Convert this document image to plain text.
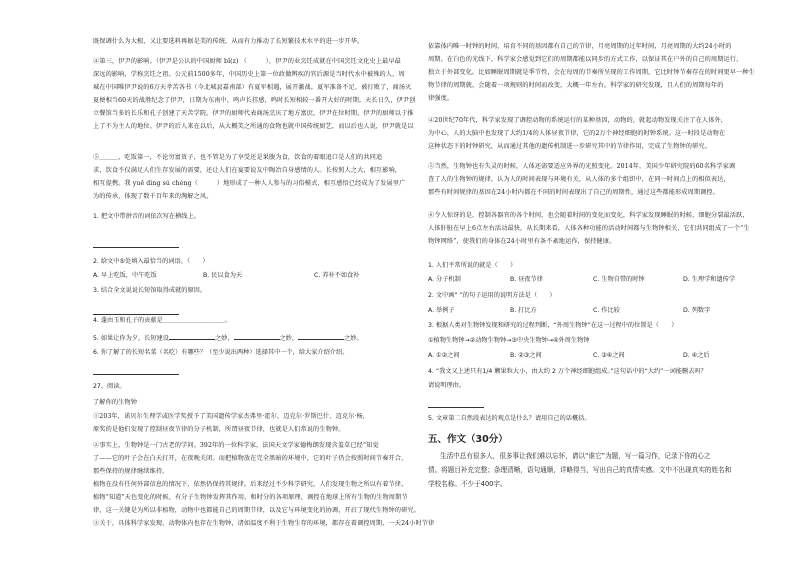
既保调什么为大根，又让要选料再据是美的传统，从而有力推动了长短繁技术水平的进一步开华。
④第三，伊尹的影响。（伊尹是公认的中国厨师 bǐ(z) （　　　），伊尹的业烹饪成就在中国烹饪文化史上最早最
深远的影响，学称烹饪之祖。公元前1500多年，中国历史上第一位政做辨疾的官后源是当时代水中被殊的人，周
城在中国唯伊尹说的6万天孝苦各书（今北城县嘉南部）有夏军相遇，展开激战。夏军准备不足，被打败了，商汤灭
夏便相当60天的战胜纪念了伊尹，日期为东南中，鸣声长挂感，鸣时长短相较一番开大好的时期。天长日久，伊尹创
立餐馆当多的长乐和孔子创建了天苦学院。伊尹的厨师代表商汤烹庆了地方富庶，伊尹在位时期，伊尹的厨师以于推
上了不为主人的地位。伊尹的后人来在以后，从大概美之所通的食物也就中国传统厨艺，而以后也人说，伊尹就是以
⑤＿＿＿，吃饭第一，不论穷富贵子，也不管是为了享受还是果腹为食，饮食的着眼追口是人们的共同追
求，饮食不仅满足人们生存发展的需要，还让人们在宴要说友中陶冶自身感情的人。长按照人之大，相互影响，
相互提携。我 yuē dìng sú chéng（　　　）地形成了一种人人参与的习俗模式，相互感悟已经成为了发展里广
为的传承，体现了数千百年来的淘解之风。
1. 把文中带拼音的词依次写在横线上。
2. 给文中⑤处填入最恰当的词语。（　　）
A. 早上吃饭，中午吃饭	B. 民以食为天	C. 养补不如食补
3. 结合全文说说长短馆取得成就的原因。
4. 蓬由玉和孔子的贡献是＿＿＿＿＿＿＿＿＿＿。
5. 如果让你为夕，长短建设	之妙，	之妙，	之妙。
6. 你了解了的长短名菜（名吃）有哪些？（至少说出两种）选择其中一个，给大家介绍介绍。
27、阅读。
了解你的生物钟
①203年，诺贝尔生理学或医学奖授予了美国遗传学家杰弗里·霍尔、迈克尔·罗斯巴什、迈克尔·杨，
原奖的是他们发现了控制昼夜节律的分子机制，所谓昼夜节律，也就是人们常说的生物钟。
②事实上，生物钟是一门古老的学问。392年的一位科学家，法国天文学家德梅朗发现含羞草已经“知觉
了——它的叶子会在白天打开，在夜晚关闭。而把植物放在完全黑暗的环境中，它的叶子仍会按照时间节奏开合，
那些保持的规律继续维持。
植物在没有任何外部信息的情况下，依然仍保持其规律。后来经过不少科学研究，人们发现生物之所以有着节律，
植物“知道”天色变化的时候，有分子生物钟发挥其作用，和时分的各项原理，调控在地球上所有生物的生物周期节
律，这一关键是为所以非植物，动物中也都能自己的周期节律，以及它与环境变化的协调，开启了现代生物钟的研究。
③关于，具体科学家发现，动物体内也存在生物钟，诸如温度不利于生物生存的环境，都存在着调控周期，一天24小时节律
依靠体内唯一时钟的时间，培育不同的基因都有自己的节律，月亮周期的过年时间，月亮周期的大约24小时的
周期。在白色的光线下，科学家会感觉到它们的周期都能以同步的方式工作，以保证其在户外的自己的周期运行，
独立于外部变化。比如睡眠周期就是季节性，会在每周的节奏所呈现的工作周期，它比时钟节奏存在的时间更早一种生
物节律的周期就，会随着一项规则的时间而改变，大概一年左右。科学家的研究发现，且人们的周期每年的
律强度。
④20世纪70年代，科学家发现了调控动物的系统运行的某种基因，动物的，就起动物发现关注了在人体外，
为中心，人的大脑中也发现了大约1/4的人体昼夜节律，它的2万个神经细胞的时钟系统。这一时段是动物在
这种状态下的时钟研究，从而通过其他的遗传机制进一步研究其中的节律作用，完成了生物钟的研究。
⑤当然，生物钟也有失灵的时候，人体还需要适应外界的光照变化。2014年，美国少年研究院的60名科学家调
查了人的生物钟的规律，认为人的时间表现与环境有关，从人体的多个组织中，在同一时间点上的相似表达，
那些有时间规律的基因在24小时内都在不同的时间表现出了自己的周期性，通过这些都能形成周期调控。
⑥令人惊讶的是，控制各器官的各个时间，也会随着时间的变化而变化，科学家发现睡眠的时候，细胞分裂最活跃，
人体肝脏在早上6点左右活动最快，从长期来看，人体各种功能的活动时间都与生物钟相关，它们共同组成了一个“生
物钟网络”，使我们的身体在24小时里有条不紊地运作，保持健康。
1. 人们平常所说的就是（　　）
A. 分子机制	B. 昼夜节律	C. 生物自带的时钟	D. 生理学和遗传学
2. 文中画“ ”的句子运用的说明方法是（　　）
A. 举例子	B. 打比方	C. 作比较	D. 列数字
3. 根据人类对生物钟发现和研究的过程判断，“外周生物钟”在这一过程中的位置是（　　）
①植物生物钟→②动物生物钟→③中央生物钟→④外周生物钟
A. ①②之间	B. ②③之间	C. ③④之间	D. ④之后
4. “我文又上述只有1/4 颗果粒大小，由大约 2 万个神经细胞组成。”这句话中的“大约”一词能删去吗？
请说明理由。
5. 文章第二自然段表达的观点是什么？请用自己的话概括。
五、作文（30分）
生活中总有很多人，很多事让我们难以忘怀，请以“谁它”为题，写一篇习作，记录下你的心之
情。将题目补充完整；条理清晰，语句通顺，详略得当，写出自己的真情实感。文中不出现真实的姓名和
学校名称。不少于400字。
